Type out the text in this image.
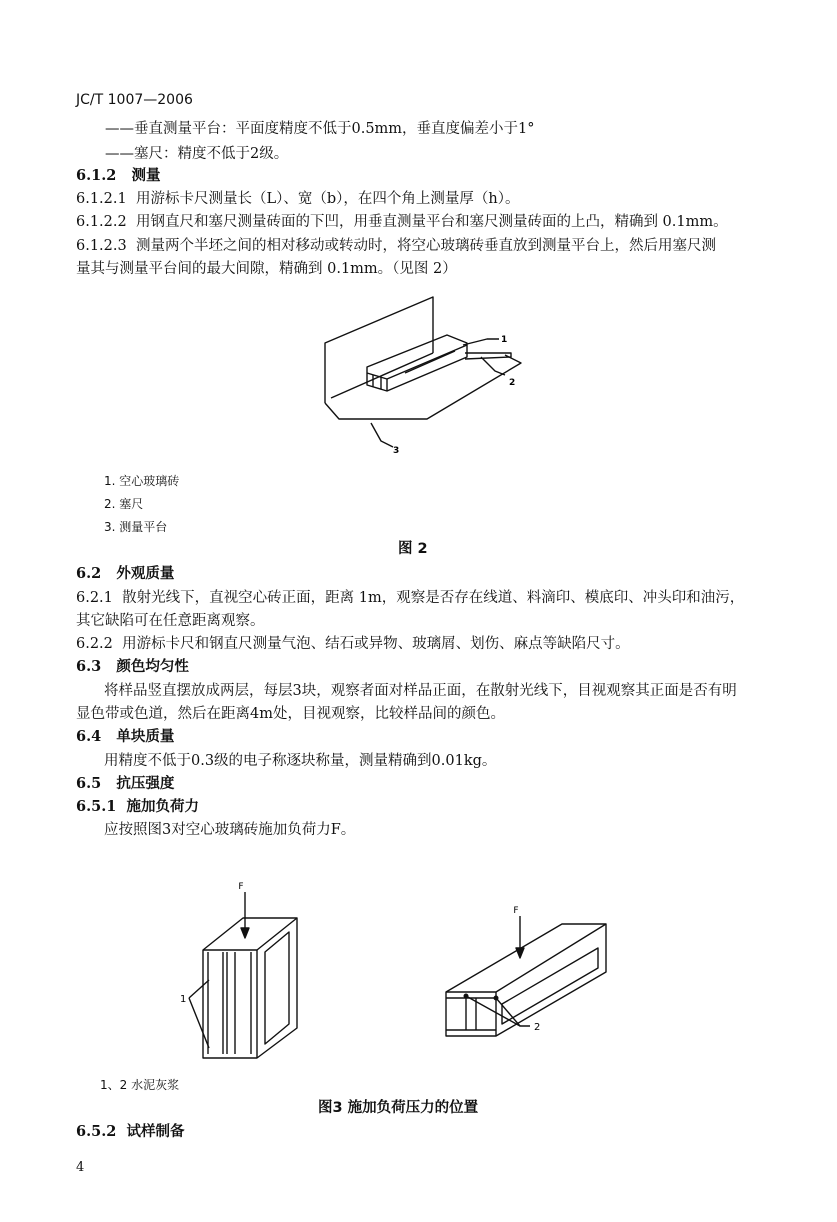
JC/T 1007—2006
——垂直测量平台：平面度精度不低于0.5mm，垂直度偏差小于1°
——塞尺：精度不低于2级。
6.1.2 测量
6.1.2.1 用游标卡尺测量长（L）、宽（b），在四个角上测量厚（h）。
6.1.2.2 用钢直尺和塞尺测量砖面的下凹，用垂直测量平台和塞尺测量砖面的上凸，精确到 0.1mm。
6.1.2.3 测量两个半坯之间的相对移动或转动时，将空心玻璃砖垂直放到测量平台上，然后用塞尺测
量其与测量平台间的最大间隙，精确到 0.1mm。（见图 2）
1
2
3
1. 空心玻璃砖
2. 塞尺
3. 测量平台
图 2
6.2 外观质量
6.2.1 散射光线下，直视空心砖正面，距离 1m，观察是否存在线道、料滴印、模底印、冲头印和油污，
其它缺陷可在任意距离观察。
6.2.2 用游标卡尺和钢直尺测量气泡、结石或异物、玻璃屑、划伤、麻点等缺陷尺寸。
6.3 颜色均匀性
将样品竖直摆放成两层，每层3块，观察者面对样品正面，在散射光线下，目视观察其正面是否有明
显色带或色道，然后在距离4m处，目视观察，比较样品间的颜色。
6.4 单块质量
用精度不低于0.3级的电子称逐块称量，测量精确到0.01kg。
6.5 抗压强度
6.5.1 施加负荷力
应按照图3对空心玻璃砖施加负荷力F。
F
1
F
2
1、2 水泥灰浆
图3 施加负荷压力的位置
6.5.2 试样制备
4
